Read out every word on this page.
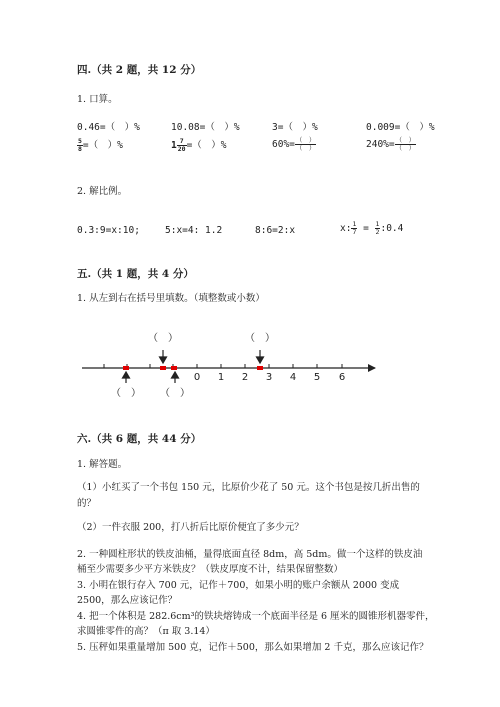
四.（共 2 题，共 12 分）
1. 口算。
0.46=（　）%	10.08=（　）%	3=（　）%	0.009=（　）%
$\frac{5}{8}$ =（　）%	$1 \frac{7}{20}$ =（　）%	$60\%= \frac{( )}{( )}$	$240\%= \frac{( )}{( )}$
2. 解比例。
0.3:9=x:10;	5:x=4: 1.2	8:6=2:x	x: $\frac{1}{7} = \frac{1}{2}$ :0.4
五.（共 1 题，共 4 分）
1. 从左到右在括号里填数。（填整数或小数）
0 1 2 3 4 5 6
（　）	（　）
（　） （　）
六.（共 6 题，共 44 分）
1. 解答题。
（1）小红买了一个书包 150 元，比原价少花了 50 元。这个书包是按几折出售的
的？
（2）一件衣服 200，打八折后比原价便宜了多少元？
2. 一种圆柱形状的铁皮油桶，量得底面直径 8dm，高 5dm。做一个这样的铁皮油
桶至少需要多少平方米铁皮？（铁皮厚度不计，结果保留整数）
3. 小明在银行存入 700 元，记作＋700，如果小明的账户余额从 2000 变成
2500，那么应该记作？
4. 把一个体积是 282.6cm³的铁块熔铸成一个底面半径是 6 厘米的圆锥形机器零件，
求圆锥零件的高？（π 取 3.14）
5. 压秤如果重量增加 500 克，记作＋500，那么如果增加 2 千克，那么应该记作？
